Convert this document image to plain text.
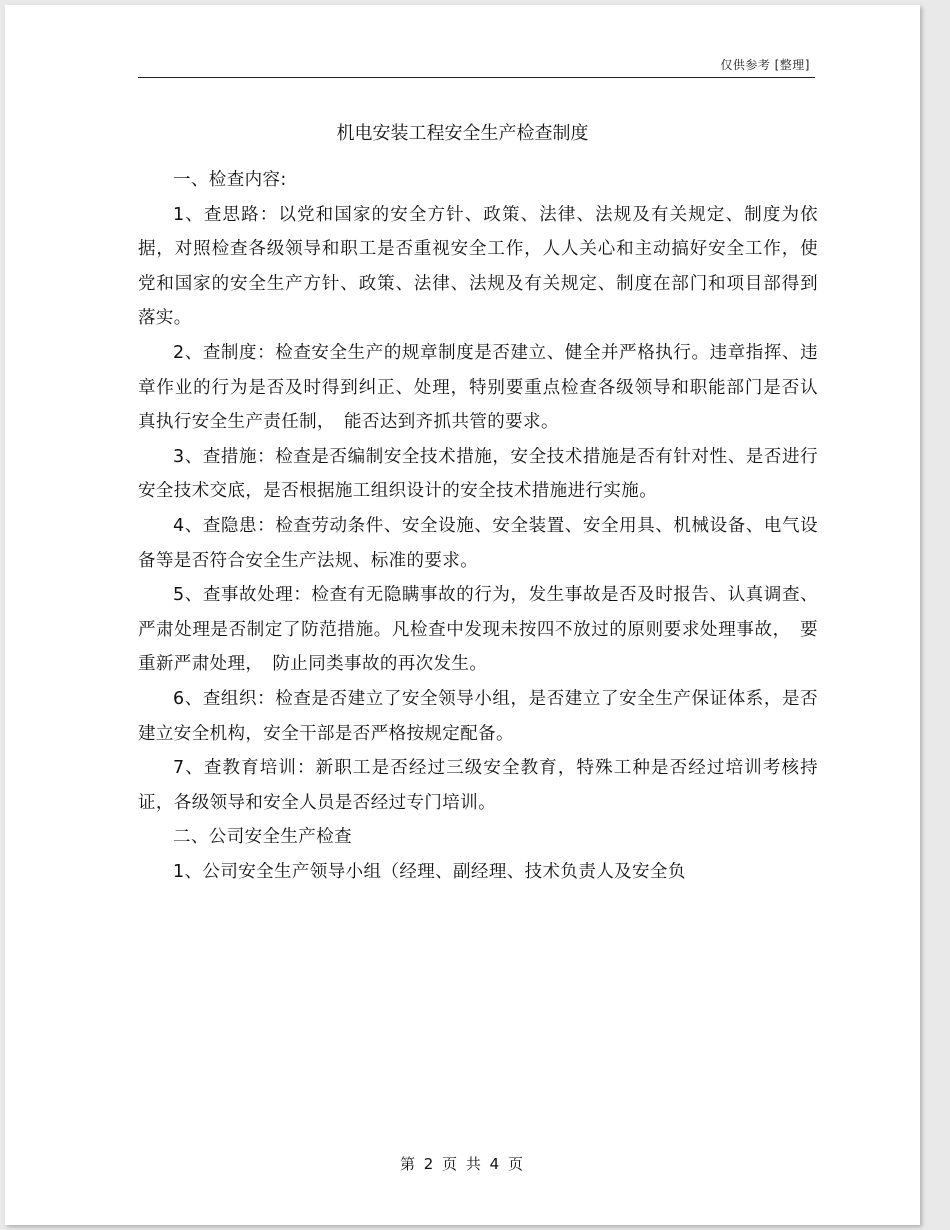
仅供参考 [整理]
机电安装工程安全生产检查制度

一、检查内容:

1、查思路：以党和国家的安全方针、政策、法律、法规及有关规定、制度为依据，对照检查各级领导和职工是否重视安全工作，人人关心和主动搞好安全工作，使党和国家的安全生产方针、政策、法律、法规及有关规定、制度在部门和项目部得到落实。

2、查制度：检查安全生产的规章制度是否建立、健全并严格执行。违章指挥、违章作业的行为是否及时得到纠正、处理，特别要重点检查各级领导和职能部门是否认真执行安全生产责任制，　能否达到齐抓共管的要求。

3、查措施：检查是否编制安全技术措施，安全技术措施是否有针对性、是否进行安全技术交底，是否根据施工组织设计的安全技术措施进行实施。

4、查隐患：检查劳动条件、安全设施、安全装置、安全用具、机械设备、电气设备等是否符合安全生产法规、标准的要求。

5、查事故处理：检查有无隐瞒事故的行为，发生事故是否及时报告、认真调查、严肃处理是否制定了防范措施。凡检查中发现未按四不放过的原则要求处理事故，　要重新严肃处理，　防止同类事故的再次发生。

6、查组织：检查是否建立了安全领导小组，是否建立了安全生产保证体系，是否建立安全机构，安全干部是否严格按规定配备。

7、查教育培训：新职工是否经过三级安全教育，特殊工种是否经过培训考核持证，各级领导和安全人员是否经过专门培训。

二、公司安全生产检查

1、公司安全生产领导小组（经理、副经理、技术负责人及安全负

第 2 页 共 4 页
